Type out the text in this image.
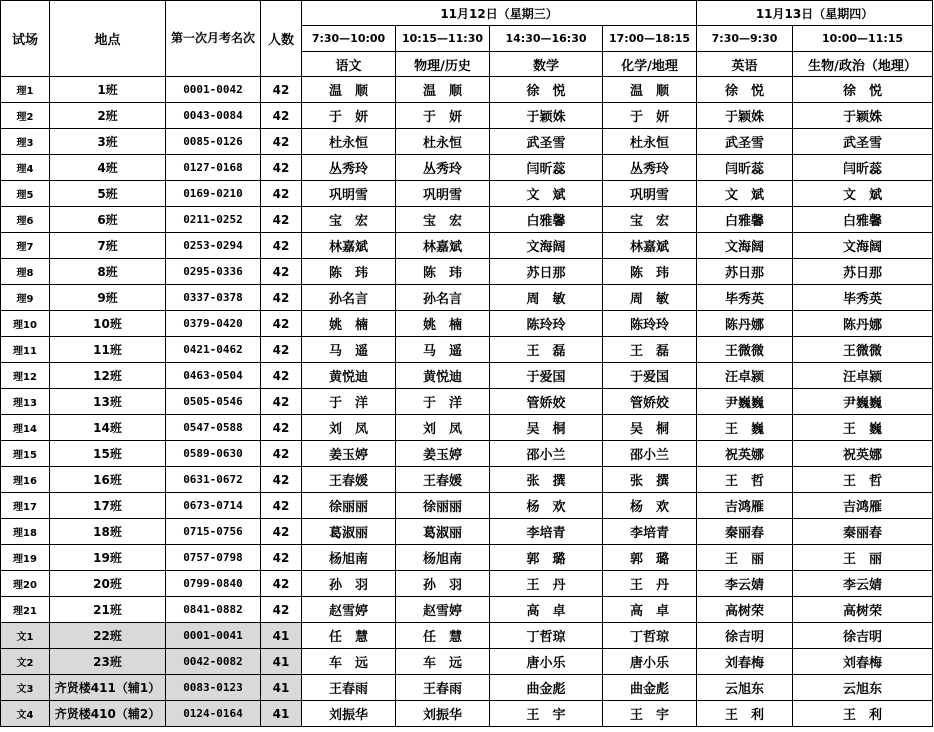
试场	地点	第一次月考名次	人数	11月12日（星期三）				11月13日（星期四）	
				7:30—10:00	10:15—11:30	14:30—16:30	17:00—18:15	7:30—9:30	10:00—11:15
				语文	物理/历史	数学	化学/地理	英语	生物/政治（地理）
理1	1班	0001-0042	42	温　顺	温　顺	徐　悦	温　顺	徐　悦	徐　悦
理2	2班	0043-0084	42	于　妍	于　妍	于颖姝	于　妍	于颖姝	于颖姝
理3	3班	0085-0126	42	杜永恒	杜永恒	武圣雪	杜永恒	武圣雪	武圣雪
理4	4班	0127-0168	42	丛秀玲	丛秀玲	闫昕蕊	丛秀玲	闫昕蕊	闫昕蕊
理5	5班	0169-0210	42	巩明雪	巩明雪	文　斌	巩明雪	文　斌	文　斌
理6	6班	0211-0252	42	宝　宏	宝　宏	白雅馨	宝　宏	白雅馨	白雅馨
理7	7班	0253-0294	42	林嘉斌	林嘉斌	文海阔	林嘉斌	文海阔	文海阔
理8	8班	0295-0336	42	陈　玮	陈　玮	苏日那	陈　玮	苏日那	苏日那
理9	9班	0337-0378	42	孙名言	孙名言	周　敏	周　敏	毕秀英	毕秀英
理10	10班	0379-0420	42	姚　楠	姚　楠	陈玲玲	陈玲玲	陈丹娜	陈丹娜
理11	11班	0421-0462	42	马　遥	马　遥	王　磊	王　磊	王微微	王微微
理12	12班	0463-0504	42	黄悦迪	黄悦迪	于爱国	于爱国	汪卓颍	汪卓颍
理13	13班	0505-0546	42	于　洋	于　洋	管娇姣	管娇姣	尹巍巍	尹巍巍
理14	14班	0547-0588	42	刘　凤	刘　凤	吴　桐	吴　桐	王　巍	王　巍
理15	15班	0589-0630	42	姜玉婷	姜玉婷	邵小兰	邵小兰	祝英娜	祝英娜
理16	16班	0631-0672	42	王春媛	王春媛	张　撰	张　撰	王　哲	王　哲
理17	17班	0673-0714	42	徐丽丽	徐丽丽	杨　欢	杨　欢	吉鸿雁	吉鸿雁
理18	18班	0715-0756	42	葛淑丽	葛淑丽	李培青	李培青	秦丽春	秦丽春
理19	19班	0757-0798	42	杨旭南	杨旭南	郭　璐	郭　璐	王　丽	王　丽
理20	20班	0799-0840	42	孙　羽	孙　羽	王　丹	王　丹	李云婧	李云婧
理21	21班	0841-0882	42	赵雪婷	赵雪婷	高　卓	高　卓	高树荣	高树荣
文1	22班	0001-0041	41	任　慧	任　慧	丁哲琼	丁哲琼	徐吉明	徐吉明
文2	23班	0042-0082	41	车　远	车　远	唐小乐	唐小乐	刘春梅	刘春梅
文3	齐贤楼411（辅1）	0083-0123	41	王春雨	王春雨	曲金彪	曲金彪	云旭东	云旭东
文4	齐贤楼410（辅2）	0124-0164	41	刘振华	刘振华	王　宇	王　宇	王　利	王　利
